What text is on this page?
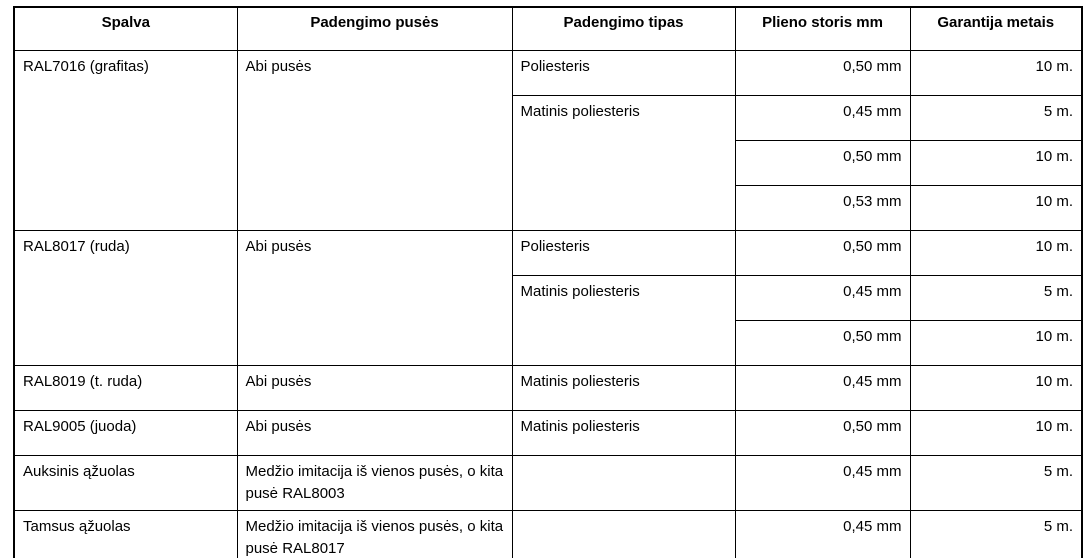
Spalva	Padengimo pusės	Padengimo tipas	Plieno storis mm	Garantija metais
RAL7016 (grafitas)	Abi pusės	Poliesteris	0,50 mm	10 m.
		Matinis poliesteris	0,45 mm	5 m.
			0,50 mm	10 m.
			0,53 mm	10 m.
RAL8017 (ruda)	Abi pusės	Poliesteris	0,50 mm	10 m.
		Matinis poliesteris	0,45 mm	5 m.
			0,50 mm	10 m.
RAL8019 (t. ruda)	Abi pusės	Matinis poliesteris	0,45 mm	10 m.
RAL9005 (juoda)	Abi pusės	Matinis poliesteris	0,50 mm	10 m.
Auksinis ąžuolas	Medžio imitacija iš vienos pusės, o kita pusė RAL8003		0,45 mm	5 m.
Tamsus ąžuolas	Medžio imitacija iš vienos pusės, o kita pusė RAL8017		0,45 mm	5 m.
